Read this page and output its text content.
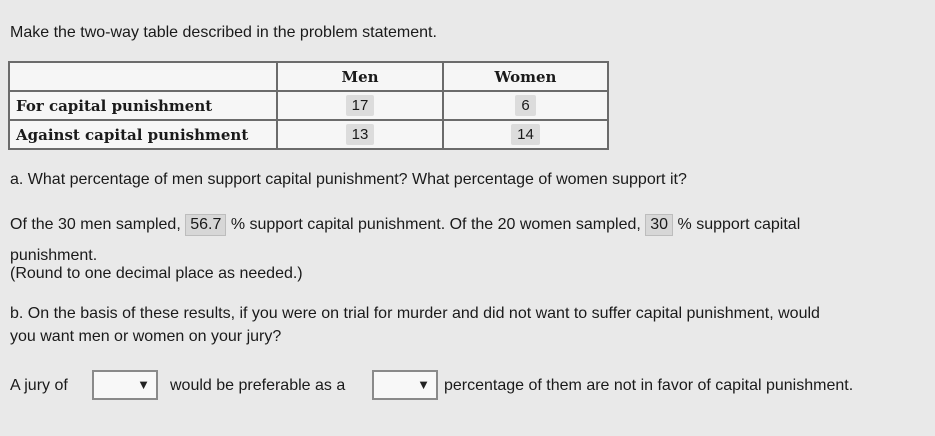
Make the two-way table described in the problem statement.
	Men	Women
For capital punishment	17	6
Against capital punishment	13	14
a. What percentage of men support capital punishment? What percentage of women support it?
Of the 30 men sampled, 56.7 % support capital punishment. Of the 20 women sampled, 30 % support capital
punishment.
(Round to one decimal place as needed.)
b. On the basis of these results, if you were on trial for murder and did not want to suffer capital punishment, would
you want men or women on your jury?
A jury of	▼ would be preferable as a	▼ percentage of them are not in favor of capital punishment.
